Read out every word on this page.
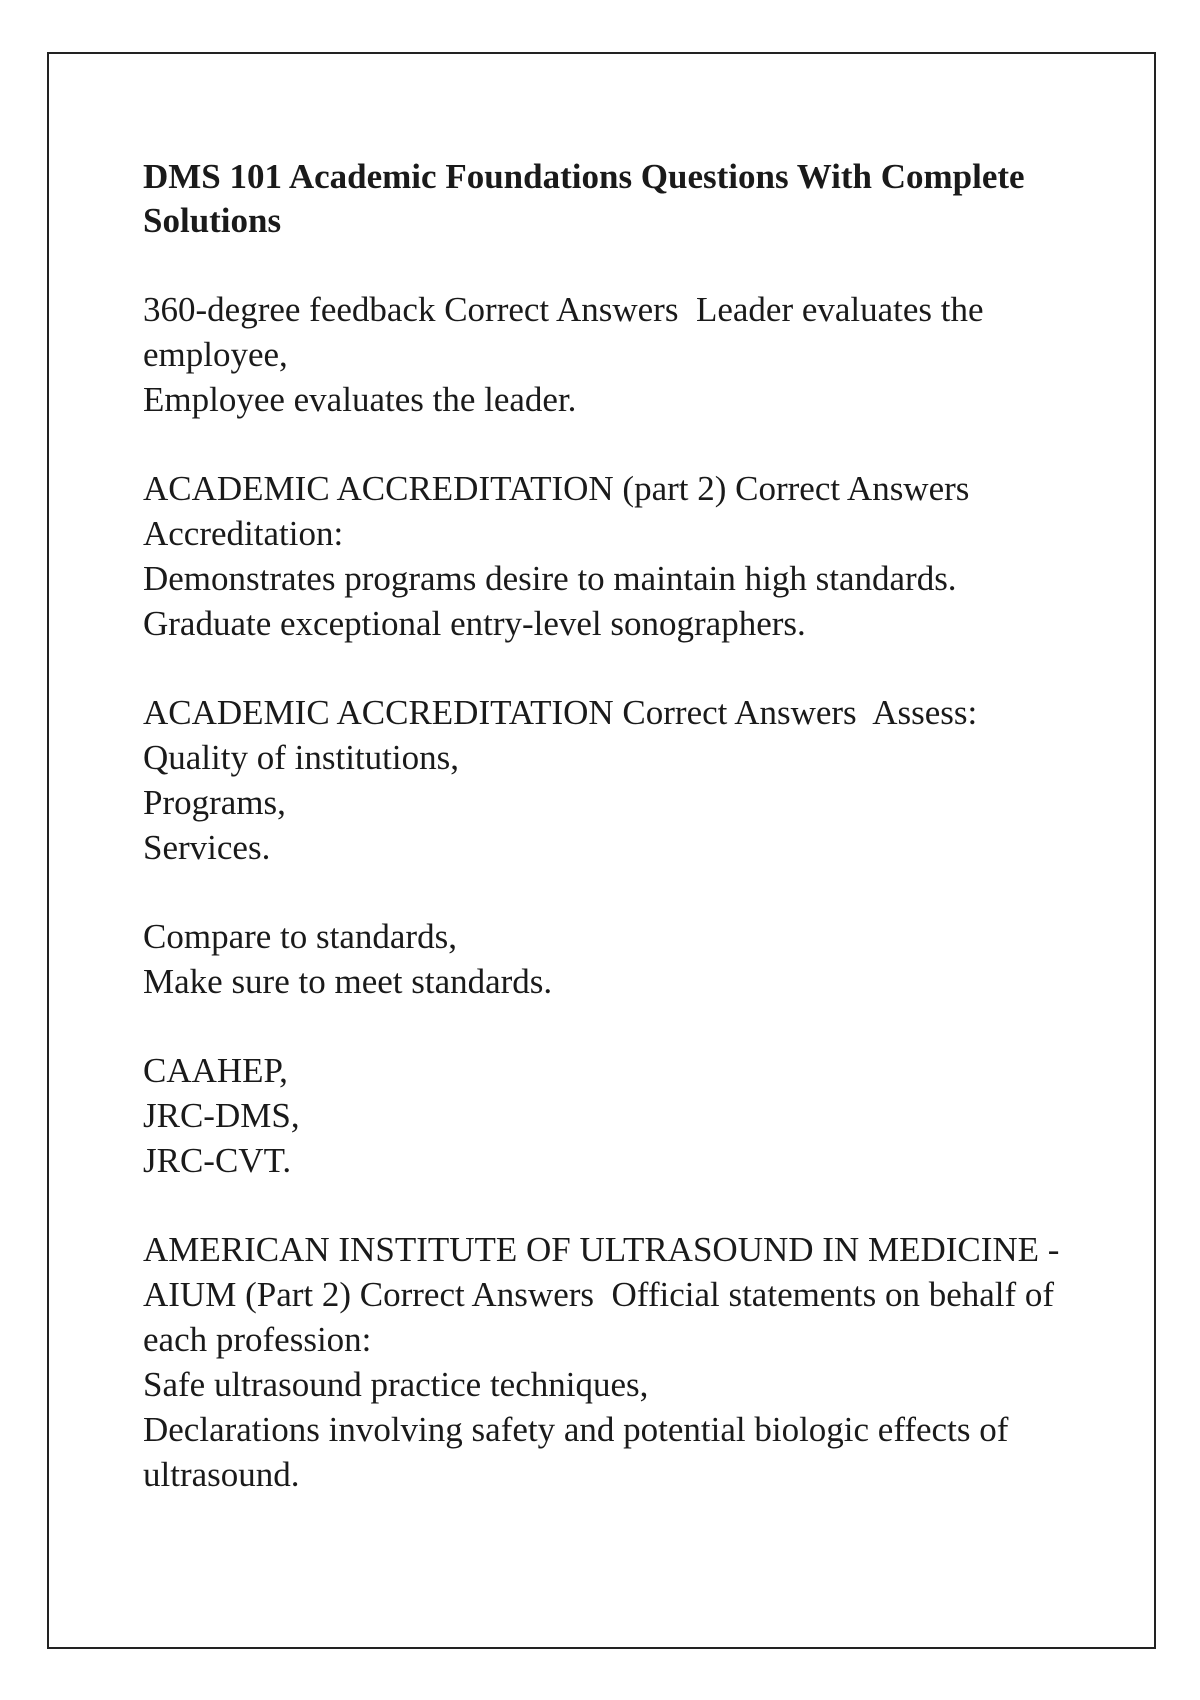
DMS 101 Academic Foundations Questions With Complete Solutions
360-degree feedback Correct Answers  Leader evaluates the employee,
Employee evaluates the leader.
ACADEMIC ACCREDITATION (part 2) Correct Answers Accreditation:
Demonstrates programs desire to maintain high standards.
Graduate exceptional entry-level sonographers.
ACADEMIC ACCREDITATION Correct Answers  Assess:
Quality of institutions,
Programs,
Services.
Compare to standards,
Make sure to meet standards.
CAAHEP,
JRC-DMS,
JRC-CVT.
AMERICAN INSTITUTE OF ULTRASOUND IN MEDICINE - AIUM (Part 2) Correct Answers  Official statements on behalf of each profession:
Safe ultrasound practice techniques,
Declarations involving safety and potential biologic effects of ultrasound.
